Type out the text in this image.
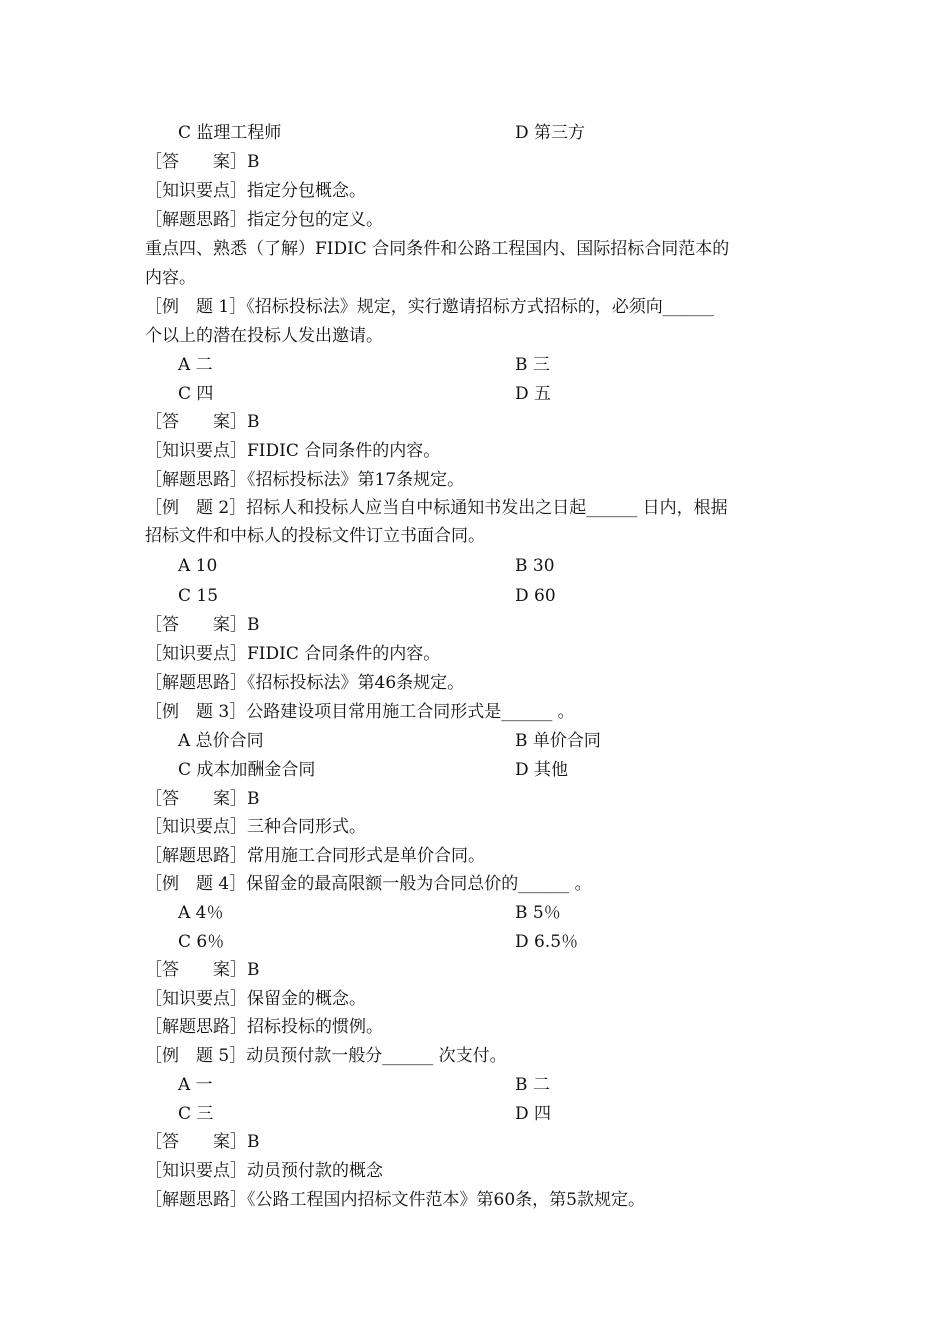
C 监理工程师	D 第三方
［答　　案］B
［知识要点］指定分包概念。
［解题思路］指定分包的定义。
重点四、熟悉（了解）FIDIC 合同条件和公路工程国内、国际招标合同范本的
内容。
［例　题 1］《招标投标法》规定，实行邀请招标方式招标的，必须向______
个以上的潜在投标人发出邀请。
A 二	B 三
C 四	D 五
［答　　案］B
［知识要点］FIDIC 合同条件的内容。
［解题思路］《招标投标法》第17条规定。
［例　题 2］招标人和投标人应当自中标通知书发出之日起______ 日内，根据
招标文件和中标人的投标文件订立书面合同。
A 10	B 30
C 15	D 60
［答　　案］B
［知识要点］FIDIC 合同条件的内容。
［解题思路］《招标投标法》第46条规定。
［例　题 3］公路建设项目常用施工合同形式是______ 。
A 总价合同	B 单价合同
C 成本加酬金合同	D 其他
［答　　案］B
［知识要点］三种合同形式。
［解题思路］常用施工合同形式是单价合同。
［例　题 4］保留金的最高限额一般为合同总价的______ 。
A 4％	B 5％
C 6％	D 6.5％
［答　　案］B
［知识要点］保留金的概念。
［解题思路］招标投标的惯例。
［例　题 5］动员预付款一般分______ 次支付。
A 一	B 二
C 三	D 四
［答　　案］B
［知识要点］动员预付款的概念
［解题思路］《公路工程国内招标文件范本》第60条，第5款规定。
